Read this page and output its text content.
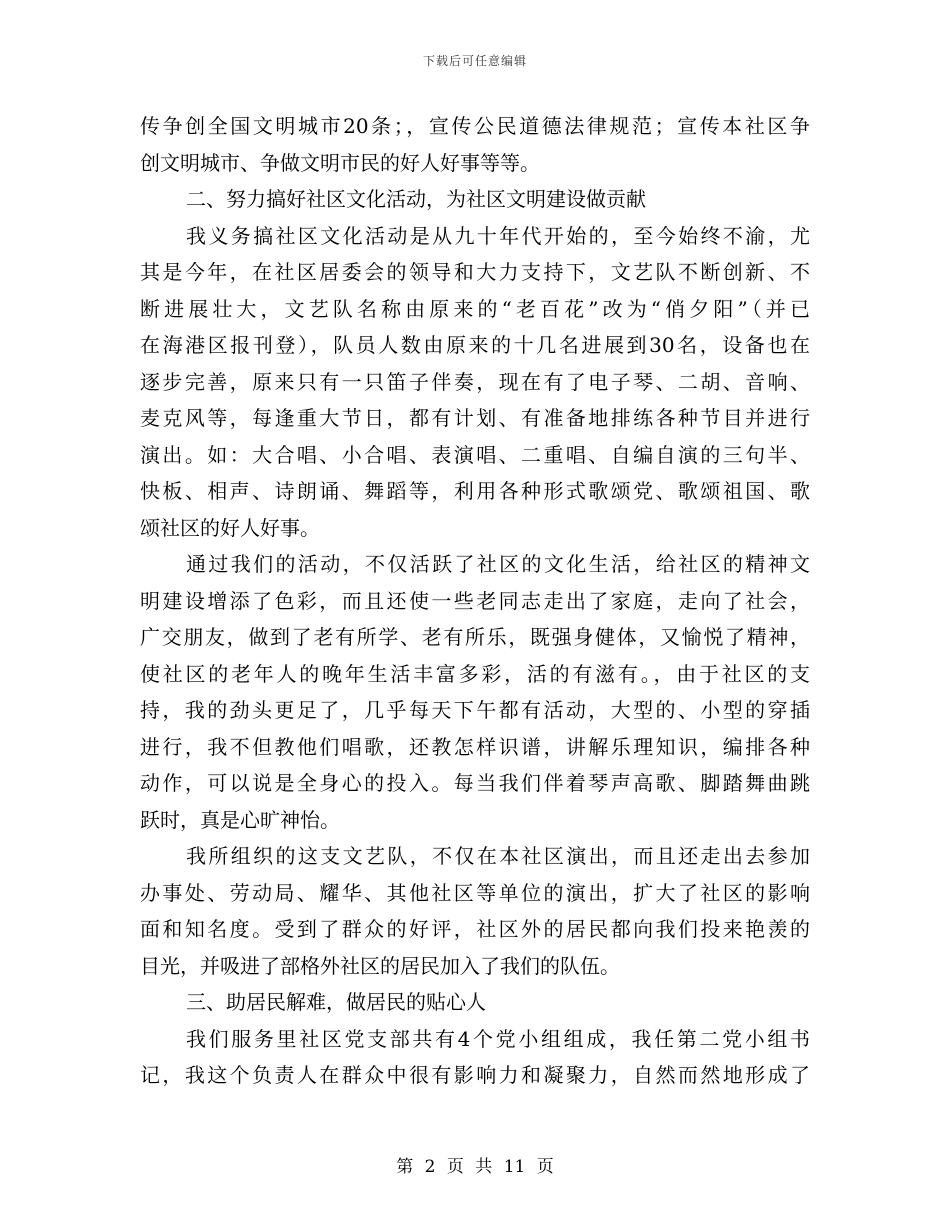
下载后可任意编辑
传争创全国文明城市20条；，宣传公民道德法律规范；宣传本社区争
创文明城市、争做文明市民的好人好事等等。
二、努力搞好社区文化活动，为社区文明建设做贡献
我义务搞社区文化活动是从九十年代开始的，至今始终不渝，尤
其是今年，在社区居委会的领导和大力支持下，文艺队不断创新、不
断进展壮大，文艺队名称由原来的“老百花”改为“俏夕阳”（并已
在海港区报刊登），队员人数由原来的十几名进展到30名，设备也在
逐步完善，原来只有一只笛子伴奏，现在有了电子琴、二胡、音响、
麦克风等，每逢重大节日，都有计划、有准备地排练各种节目并进行
演出。如：大合唱、小合唱、表演唱、二重唱、自编自演的三句半、
快板、相声、诗朗诵、舞蹈等，利用各种形式歌颂党、歌颂祖国、歌
颂社区的好人好事。
通过我们的活动，不仅活跃了社区的文化生活，给社区的精神文
明建设增添了色彩，而且还使一些老同志走出了家庭，走向了社会，
广交朋友，做到了老有所学、老有所乐，既强身健体，又愉悦了精神，
使社区的老年人的晚年生活丰富多彩，活的有滋有。，由于社区的支
持，我的劲头更足了，几乎每天下午都有活动，大型的、小型的穿插
进行，我不但教他们唱歌，还教怎样识谱，讲解乐理知识，编排各种
动作，可以说是全身心的投入。每当我们伴着琴声高歌、脚踏舞曲跳
跃时，真是心旷神怡。
我所组织的这支文艺队，不仅在本社区演出，而且还走出去参加
办事处、劳动局、耀华、其他社区等单位的演出，扩大了社区的影响
面和知名度。受到了群众的好评，社区外的居民都向我们投来艳羡的
目光，并吸进了部格外社区的居民加入了我们的队伍。
三、助居民解难，做居民的贴心人
我们服务里社区党支部共有4个党小组组成，我任第二党小组书
记，我这个负责人在群众中很有影响力和凝聚力，自然而然地形成了
第 2 页 共 11 页
